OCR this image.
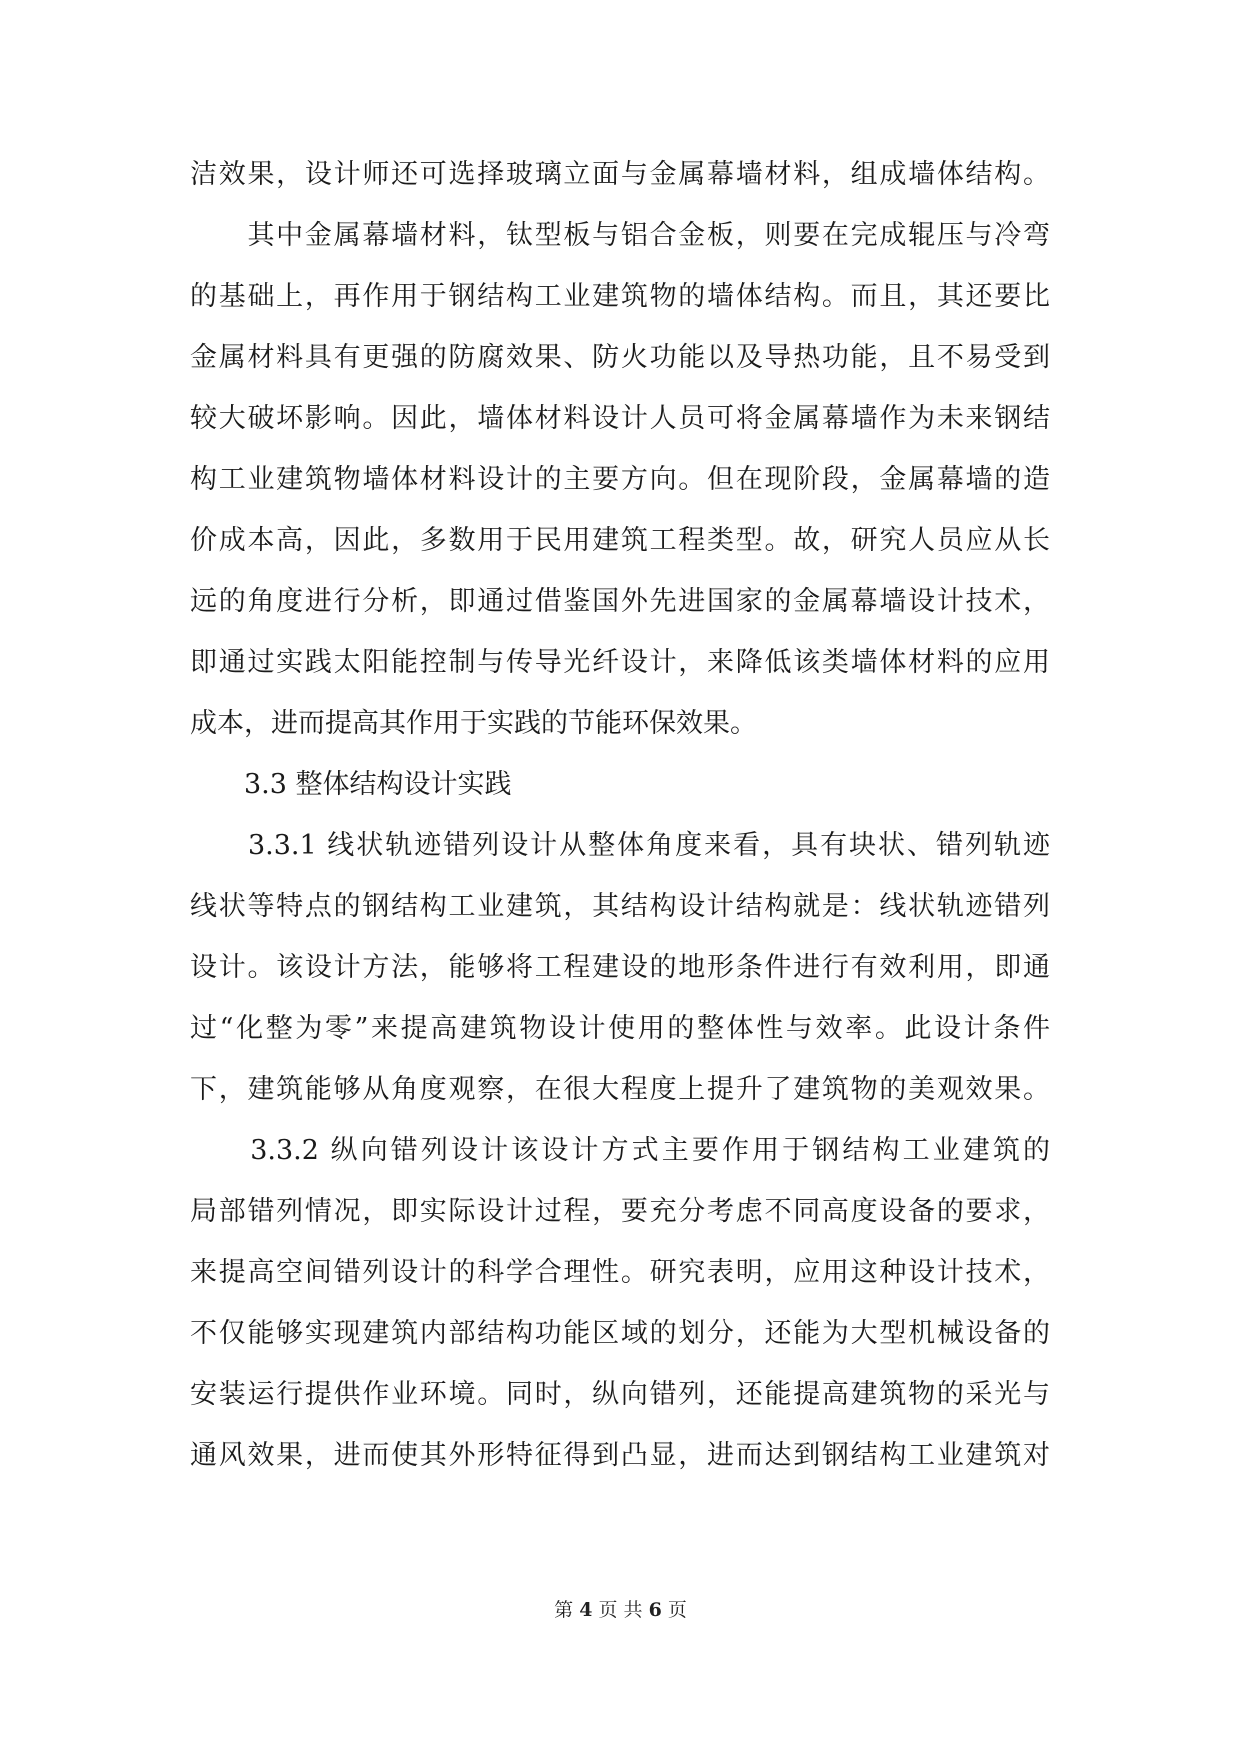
洁效果，设计师还可选择玻璃立面与金属幕墙材料，组成墙体结构。
　　其中金属幕墙材料，钛型板与铝合金板，则要在完成辊压与冷弯
的基础上，再作用于钢结构工业建筑物的墙体结构。而且，其还要比
金属材料具有更强的防腐效果、防火功能以及导热功能，且不易受到
较大破坏影响。因此，墙体材料设计人员可将金属幕墙作为未来钢结
构工业建筑物墙体材料设计的主要方向。但在现阶段，金属幕墙的造
价成本高，因此，多数用于民用建筑工程类型。故，研究人员应从长
远的角度进行分析，即通过借鉴国外先进国家的金属幕墙设计技术，
即通过实践太阳能控制与传导光纤设计，来降低该类墙体材料的应用
成本，进而提高其作用于实践的节能环保效果。
　　3.3 整体结构设计实践
　　3.3.1 线状轨迹错列设计从整体角度来看，具有块状、错列轨迹
线状等特点的钢结构工业建筑，其结构设计结构就是：线状轨迹错列
设计。该设计方法，能够将工程建设的地形条件进行有效利用，即通
过“化整为零”来提高建筑物设计使用的整体性与效率。此设计条件
下，建筑能够从角度观察，在很大程度上提升了建筑物的美观效果。
　　3.3.2 纵向错列设计该设计方式主要作用于钢结构工业建筑的
局部错列情况，即实际设计过程，要充分考虑不同高度设备的要求，
来提高空间错列设计的科学合理性。研究表明，应用这种设计技术，
不仅能够实现建筑内部结构功能区域的划分，还能为大型机械设备的
安装运行提供作业环境。同时，纵向错列，还能提高建筑物的采光与
通风效果，进而使其外形特征得到凸显，进而达到钢结构工业建筑对
第 4 页 共 6 页
